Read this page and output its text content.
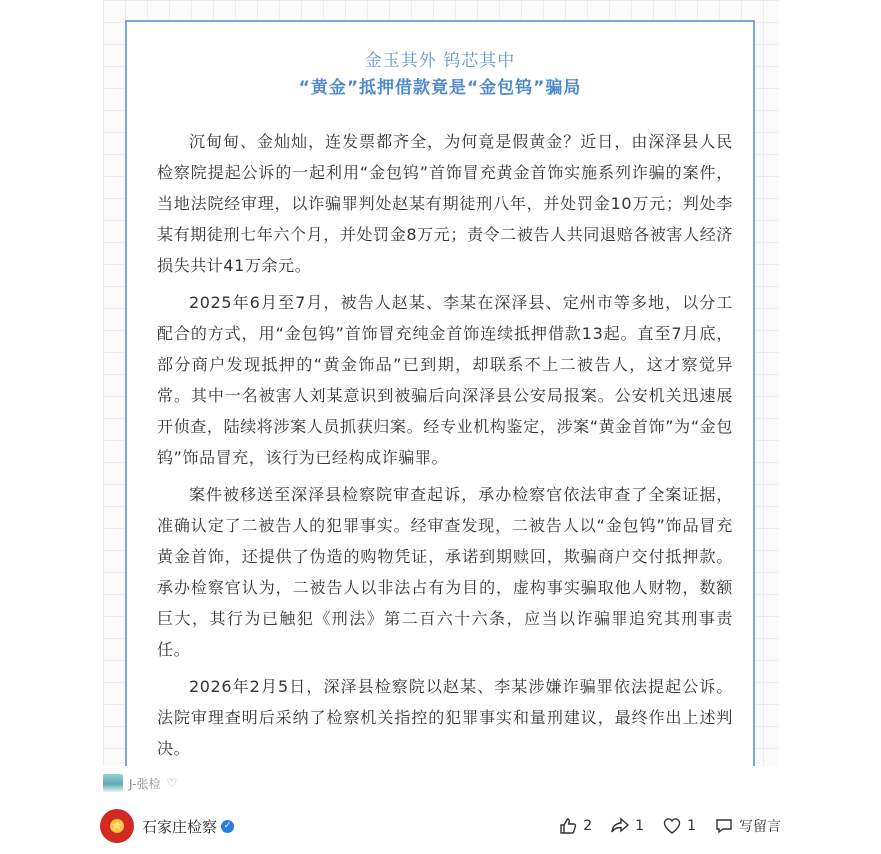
金玉其外 钨芯其中
“黄金”抵押借款竟是“金包钨”骗局

沉甸甸、金灿灿，连发票都齐全，为何竟是假黄金？近日，由深泽县人民检察院提起公诉的一起利用“金包钨”首饰冒充黄金首饰实施系列诈骗的案件，当地法院经审理，以诈骗罪判处赵某有期徒刑八年，并处罚金10万元；判处李某有期徒刑七年六个月，并处罚金8万元；责令二被告人共同退赔各被害人经济损失共计41万余元。

2025年6月至7月，被告人赵某、李某在深泽县、定州市等多地，以分工配合的方式，用“金包钨”首饰冒充纯金首饰连续抵押借款13起。直至7月底，部分商户发现抵押的“黄金饰品”已到期，却联系不上二被告人，这才察觉异常。其中一名被害人刘某意识到被骗后向深泽县公安局报案。公安机关迅速展开侦查，陆续将涉案人员抓获归案。经专业机构鉴定，涉案“黄金首饰”为“金包钨”饰品冒充，该行为已经构成诈骗罪。

案件被移送至深泽县检察院审查起诉，承办检察官依法审查了全案证据，准确认定了二被告人的犯罪事实。经审查发现，二被告人以“金包钨”饰品冒充黄金首饰，还提供了伪造的购物凭证，承诺到期赎回，欺骗商户交付抵押款。承办检察官认为，二被告人以非法占有为目的，虚构事实骗取他人财物，数额巨大，其行为已触犯《刑法》第二百六十六条，应当以诈骗罪追究其刑事责任。

2026年2月5日，深泽县检察院以赵某、李某涉嫌诈骗罪依法提起公诉。法院审理查明后采纳了检察机关指控的犯罪事实和量刑建议，最终作出上述判决。

J-张检 ♡
★	石家庄检察 ✓	2	1	1	写留言
